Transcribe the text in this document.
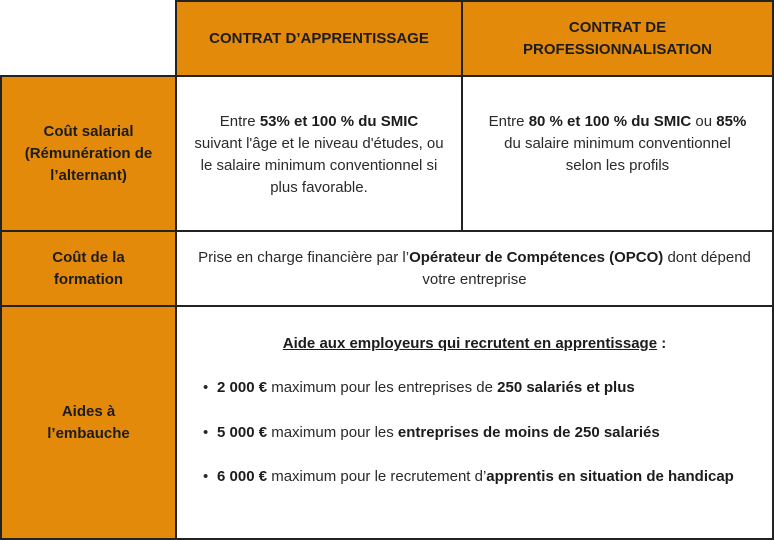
CONTRAT D’APPRENTISSAGE
CONTRAT DE
PROFESSIONNALISATION
Coût salarial
(Rémunération de
l’alternant)
Entre 53% et 100 % du SMIC suivant l'âge et le niveau d'études, ou le salaire minimum conventionnel si plus favorable.
Entre 80 % et 100 % du SMIC ou 85% du salaire minimum conventionnel selon les profils
Coût de la
formation
Prise en charge financière par l’Opérateur de Compétences (OPCO) dont dépend votre entreprise
Aides à
l’embauche
Aide aux employeurs qui recrutent en apprentissage :
• 2 000 € maximum pour les entreprises de 250 salariés et plus
• 5 000 € maximum pour les entreprises de moins de 250 salariés
• 6 000 € maximum pour le recrutement d’apprentis en situation de handicap
